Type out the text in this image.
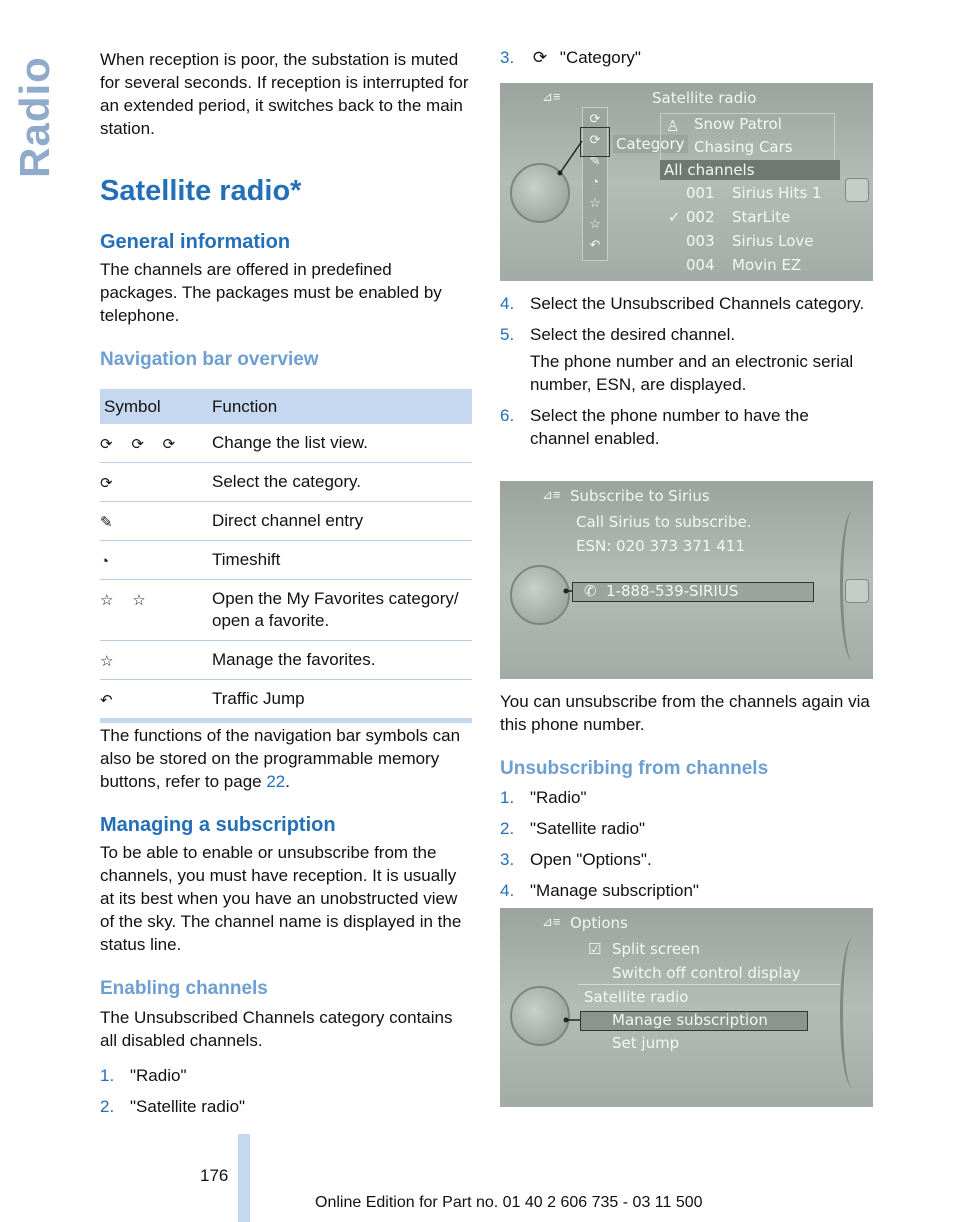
Radio When reception is poor, the substation is muted for several seconds. If reception is interrupted for an extended period, it switches back to the main station.

Satellite radio*
General information

The channels are offered in predefined packages. The packages must be enabled by telephone.

Navigation bar overview
Symbol	Function
⟳ ⟳ ⟳	Change the list view.
⟳	Select the category.
✎	Direct channel entry
◔	Timeshift
☆ ☆	Open the My Favorites category/ open a favorite.
☆	Manage the favorites.
↶	Traffic Jump

The functions of the navigation bar symbols can also be stored on the programmable memory buttons, refer to page 22.

Managing a subscription

To be able to enable or unsubscribe from the channels, you must have reception. It is usually at its best when you have an unobstructed view of the sky. The channel name is displayed in the status line.

Enabling channels

The Unsubscribed Channels category contains all disabled channels.

1. "Radio"
2. "Satellite radio"
3. ⟳ "Category"
Satellite radio
⊿≡
⟳
⟳
✎
◔
☆
☆
↶
Category
♙ Snow Patrol
Chasing Cars
All channels
001 Sirius Hits 1
✓ 002 StarLite
003 Sirius Love
004 Movin EZ
4. Select the Unsubscribed Channels category.
5. Select the desired channel.
The phone number and an electronic serial number, ESN, are displayed.
6. Select the phone number to have the channel enabled.
⊿≡ Subscribe to Sirius
Call Sirius to subscribe.
ESN: 020 373 371 411
✆ 1-888-539-SIRIUS

You can unsubscribe from the channels again via this phone number.

Unsubscribing from channels
1. "Radio"
2. "Satellite radio"
3. Open "Options".
4. "Manage subscription"
⊿≡ Options
☑ Split screen
Switch off control display
Satellite radio
Manage subscription
Set jump
176
Online Edition for Part no. 01 40 2 606 735 - 03 11 500
